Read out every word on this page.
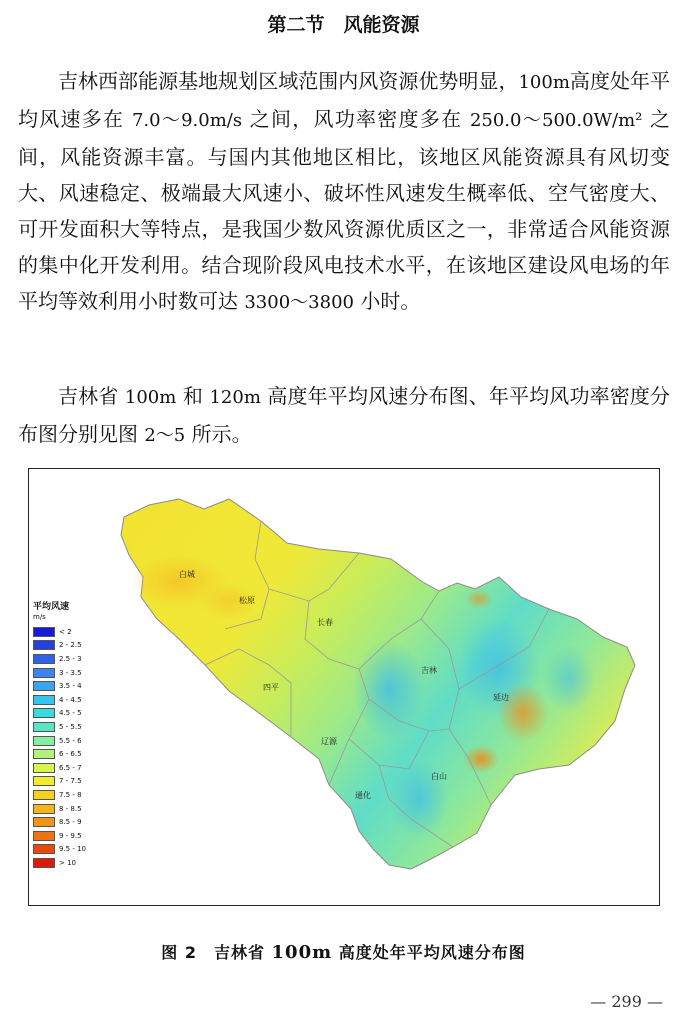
第二节　风能资源

吉林西部能源基地规划区域范围内风资源优势明显，100m高度处年平均风速多在 7.0～9.0m/s 之间，风功率密度多在 250.0～500.0W/m² 之间，风能资源丰富。与国内其他地区相比，该地区风能资源具有风切变大、风速稳定、极端最大风速小、破坏性风速发生概率低、空气密度大、可开发面积大等特点，是我国少数风资源优质区之一，非常适合风能资源的集中化开发利用。结合现阶段风电技术水平，在该地区建设风电场的年平均等效利用小时数可达 3300～3800 小时。

吉林省 100m 和 120m 高度年平均风速分布图、年平均风功率密度分布图分别见图 2～5 所示。

平均风速
m/s
< 2
2 - 2.5
2.5 - 3
3 - 3.5
3.5 - 4
4 - 4.5
4.5 - 5
5 - 5.5
5.5 - 6
6 - 6.5
6.5 - 7
7 - 7.5
7.5 - 8
8 - 8.5
8.5 - 9
9 - 9.5
9.5 - 10
> 10
白城
松原
长春
四平
辽源
吉林
延边
白山
通化
图 2　吉林省 100m 高度处年平均风速分布图
— 299 —
